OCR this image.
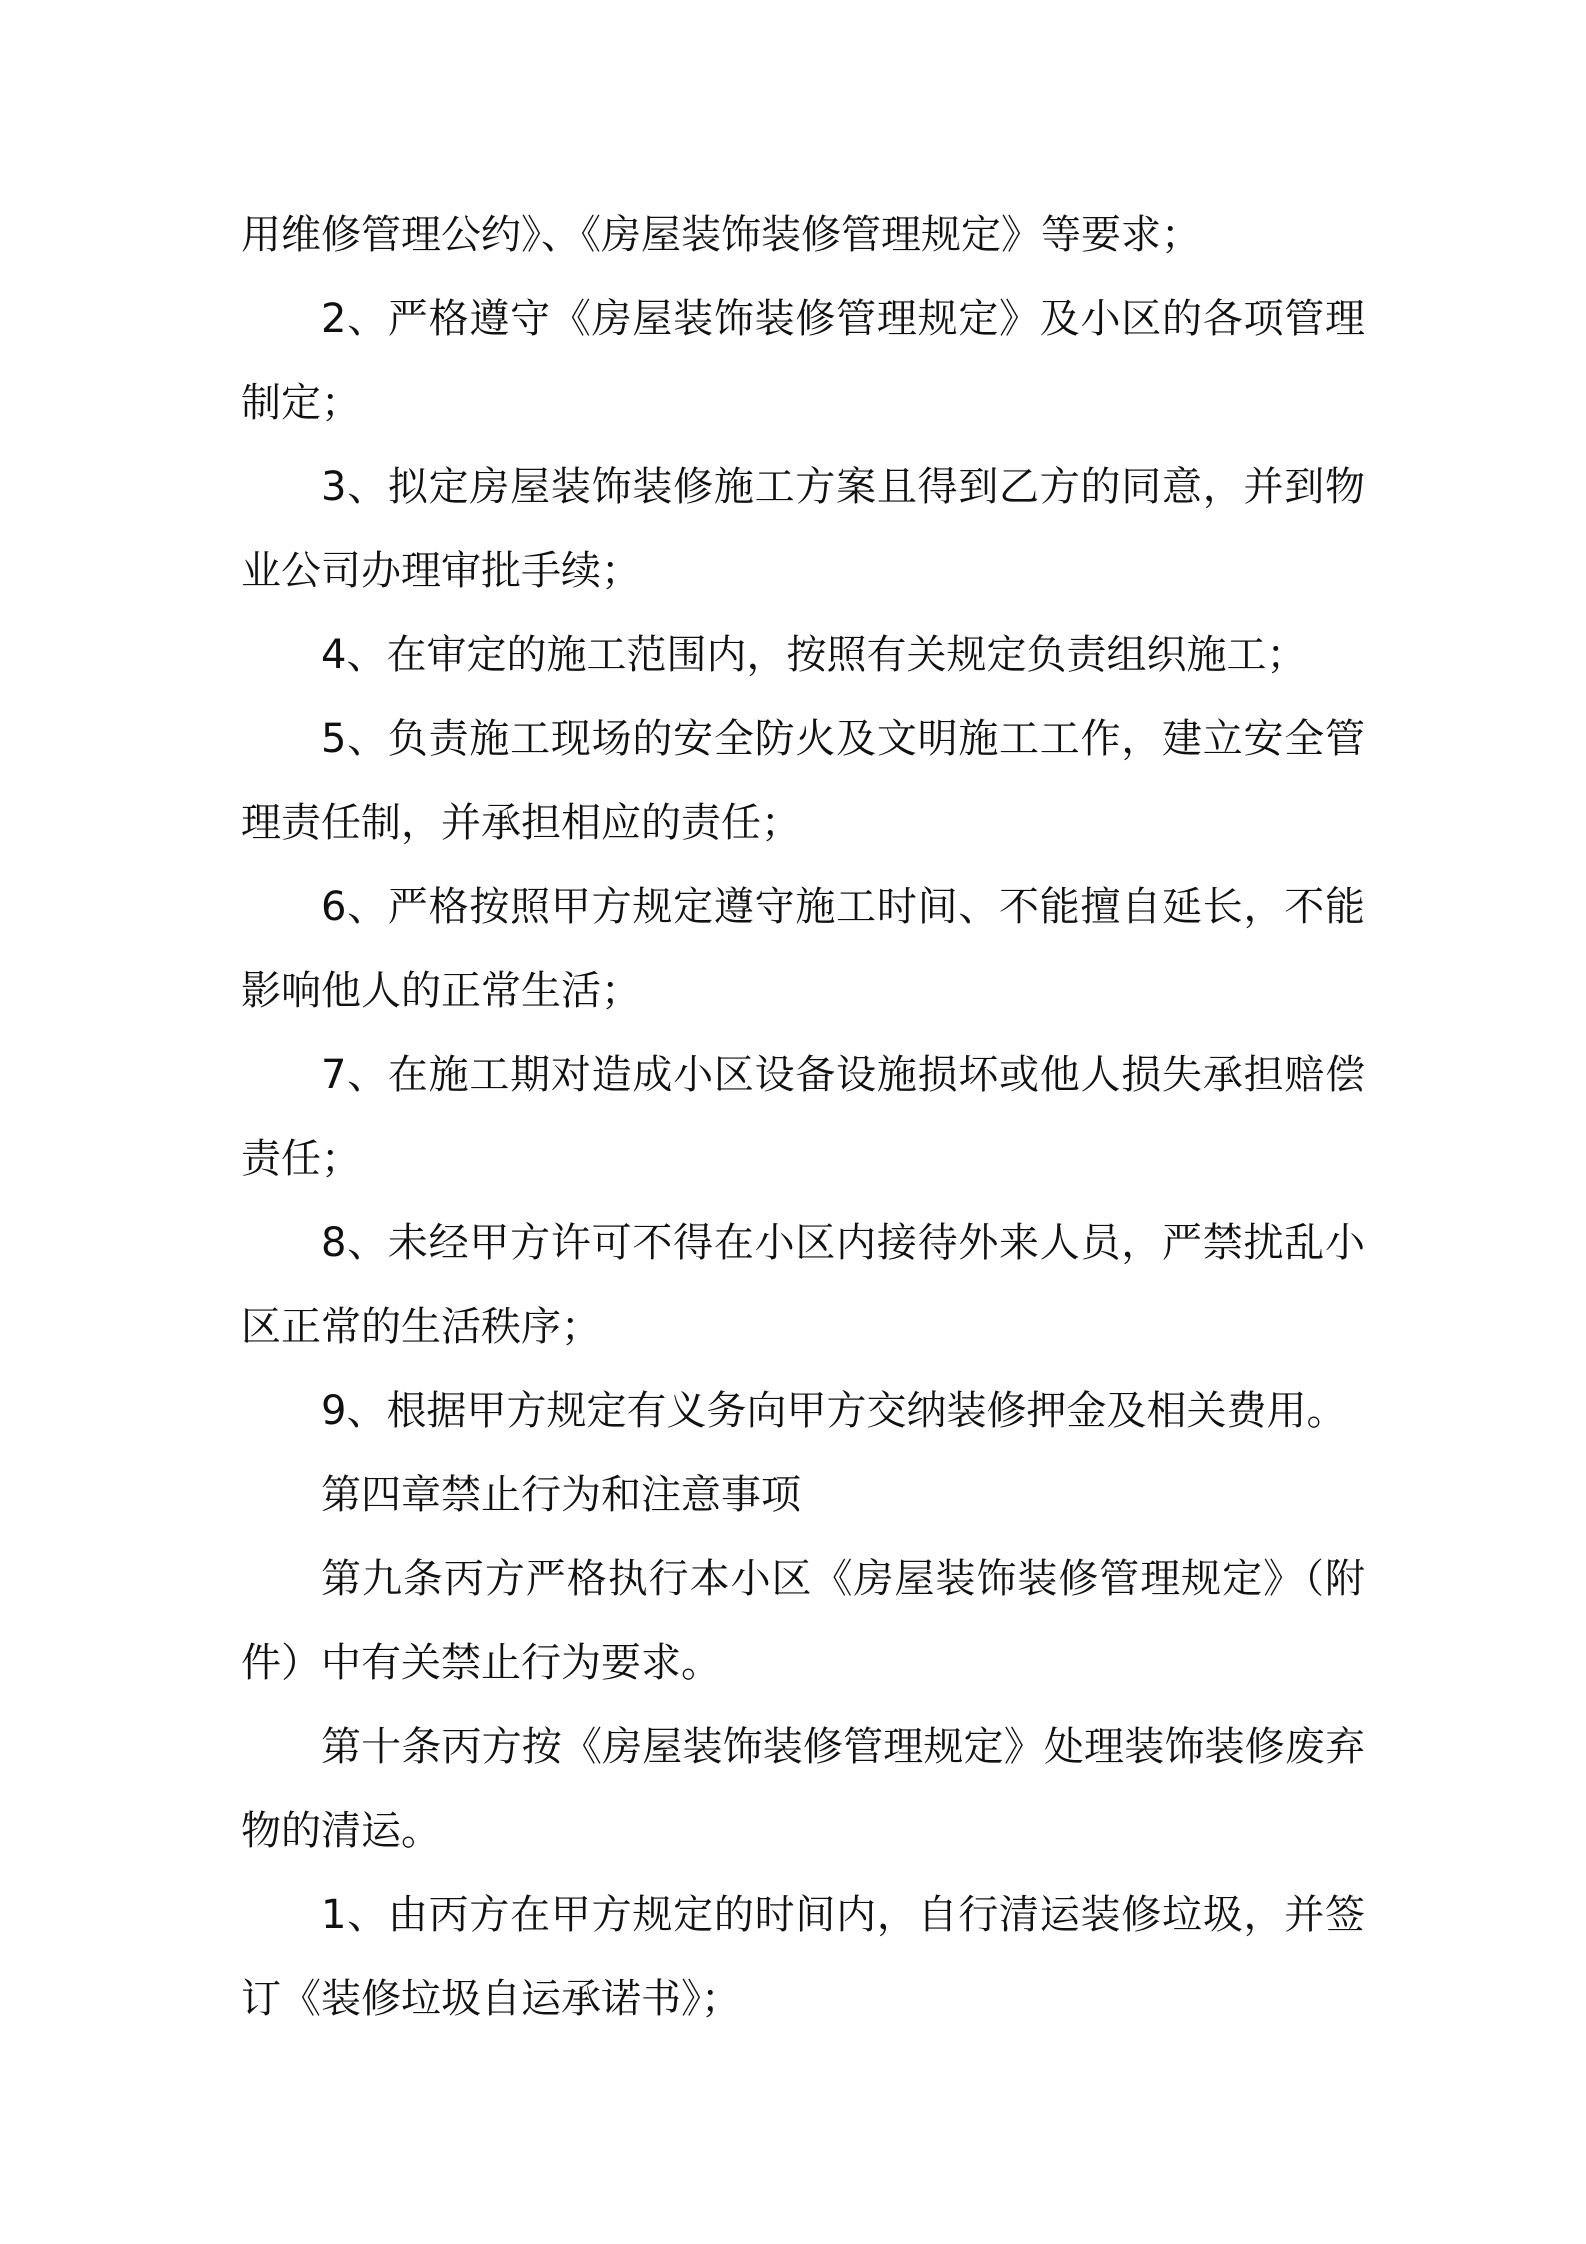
用维修管理公约》、《房屋装饰装修管理规定》等要求；

2、严格遵守《房屋装饰装修管理规定》及小区的各项管理制定；

3、拟定房屋装饰装修施工方案且得到乙方的同意，并到物业公司办理审批手续；

4、在审定的施工范围内，按照有关规定负责组织施工；

5、负责施工现场的安全防火及文明施工工作，建立安全管理责任制，并承担相应的责任；

6、严格按照甲方规定遵守施工时间、不能擅自延长，不能影响他人的正常生活；

7、在施工期对造成小区设备设施损坏或他人损失承担赔偿责任；

8、未经甲方许可不得在小区内接待外来人员，严禁扰乱小区正常的生活秩序；

9、根据甲方规定有义务向甲方交纳装修押金及相关费用。

第四章禁止行为和注意事项

第九条丙方严格执行本小区《房屋装饰装修管理规定》（附件）中有关禁止行为要求。

第十条丙方按《房屋装饰装修管理规定》处理装饰装修废弃物的清运。

1、由丙方在甲方规定的时间内，自行清运装修垃圾，并签订《装修垃圾自运承诺书》；
